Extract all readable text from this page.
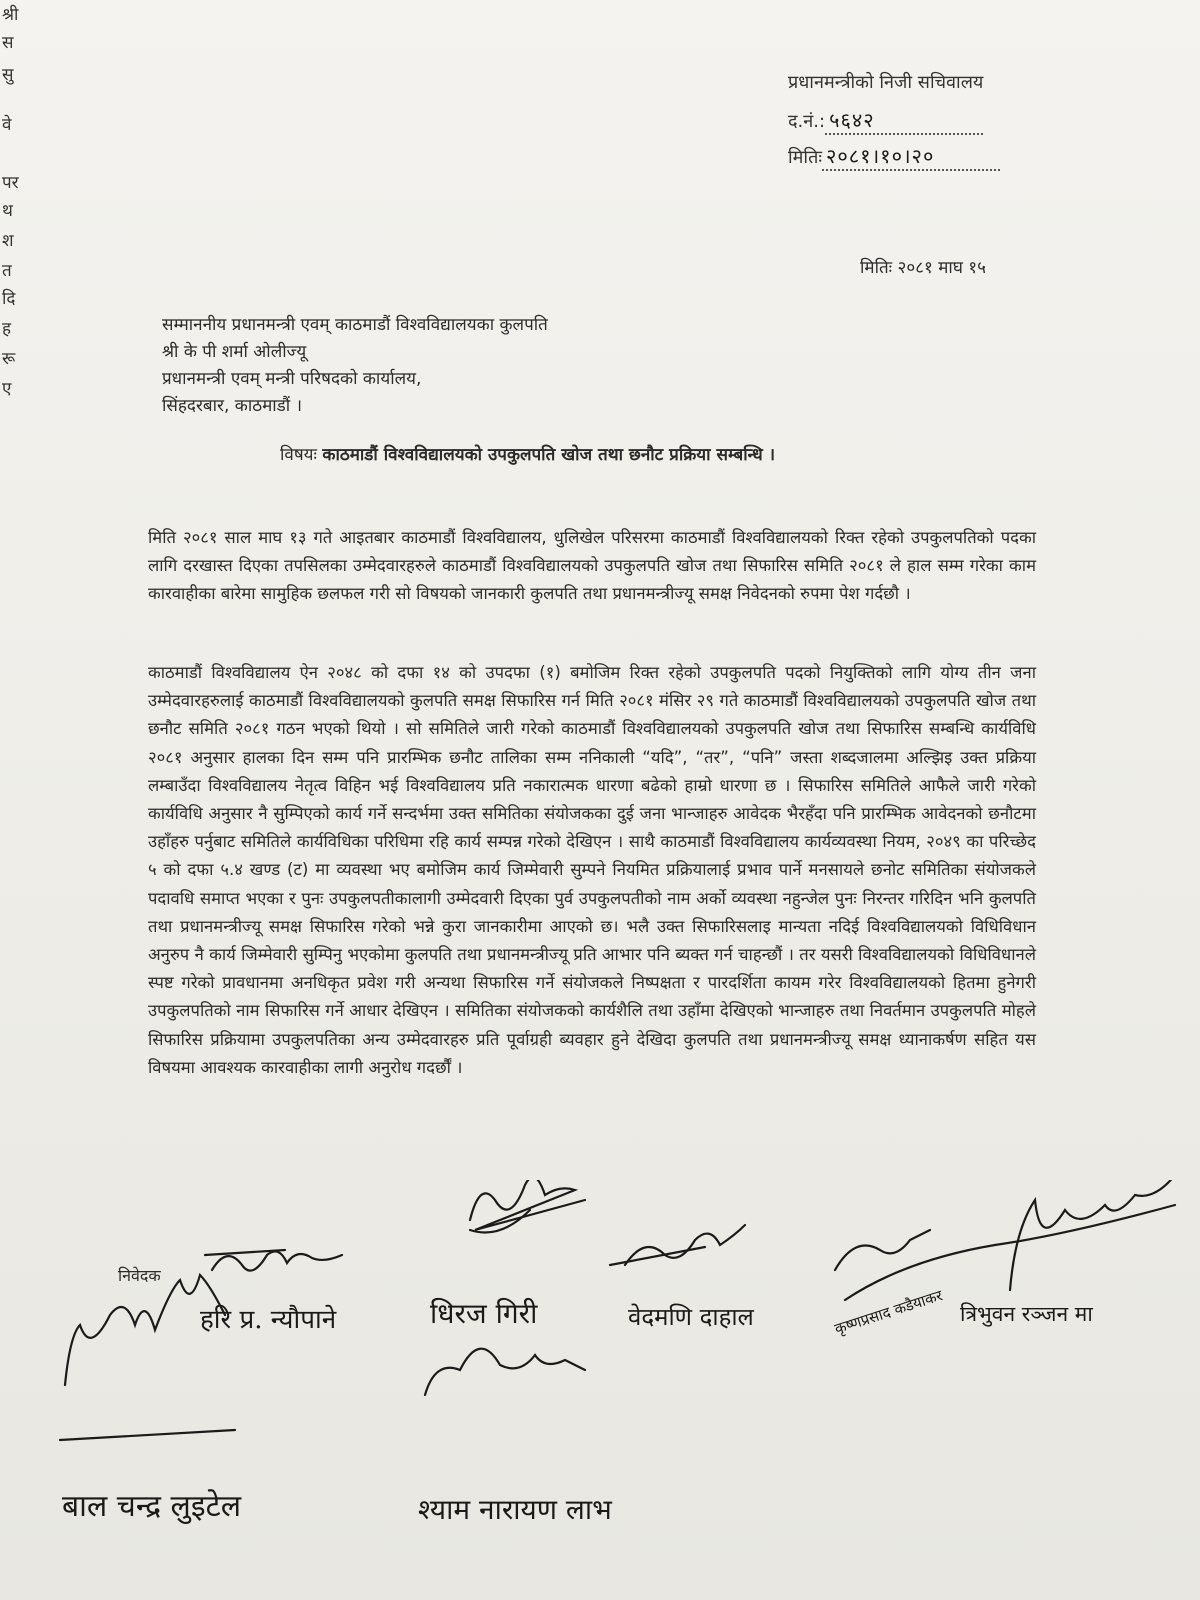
श्री
स
सु
वे
पर
थ
श
त
दि
ह
रू
ए
प्रधानमन्त्रीको निजी सचिवालय
द.नं.: ५६४२
मितिः २०८१।१०।२०
मितिः २०८१ माघ १५
सम्माननीय प्रधानमन्त्री एवम् काठमाडौं विश्वविद्यालयका कुलपति
श्री के पी शर्मा ओलीज्यू
प्रधानमन्त्री एवम् मन्त्री परिषदको कार्यालय,
सिंहदरबार, काठमाडौं ।
विषयः काठमाडौं विश्वविद्यालयको उपकुलपति खोज तथा छनौट प्रक्रिया सम्बन्धि ।
मिति २०८१ साल माघ १३ गते आइतबार काठमाडौं विश्वविद्यालय, धुलिखेल परिसरमा काठमाडौं विश्वविद्यालयको रिक्त रहेको उपकुलपतिको पदका लागि दरखास्त दिएका तपसिलका उम्मेदवारहरुले काठमाडौं विश्वविद्यालयको उपकुलपति खोज तथा सिफारिस समिति २०८१ ले हाल सम्म गरेका काम कारवाहीका बारेमा सामुहिक छलफल गरी सो विषयको जानकारी कुलपति तथा प्रधानमन्त्रीज्यू समक्ष निवेदनको रुपमा पेश गर्दछौ ।
काठमाडौं विश्वविद्यालय ऐन २०४८ को दफा १४ को उपदफा (१) बमोजिम रिक्त रहेको उपकुलपति पदको नियुक्तिको लागि योग्य तीन जना उम्मेदवारहरुलाई काठमाडौं विश्वविद्यालयको कुलपति समक्ष सिफारिस गर्न मिति २०८१ मंसिर २९ गते काठमाडौं विश्वविद्यालयको उपकुलपति खोज तथा छनौट समिति २०८१ गठन भएको थियो । सो समितिले जारी गरेको काठमाडौं विश्वविद्यालयको उपकुलपति खोज तथा सिफारिस सम्बन्धि कार्यविधि २०८१ अनुसार हालका दिन सम्म पनि प्रारम्भिक छनौट तालिका सम्म ननिकाली “यदि”, “तर”, “पनि” जस्ता शब्दजालमा अल्झिइ उक्त प्रक्रिया लम्बाउँदा विश्वविद्यालय नेतृत्व विहिन भई विश्वविद्यालय प्रति नकारात्मक धारणा बढेको हाम्रो धारणा छ । सिफारिस समितिले आफैले जारी गरेको कार्यविधि अनुसार नै सुम्पिएको कार्य गर्ने सन्दर्भमा उक्त समितिका संयोजकका दुई जना भान्जाहरु आवेदक भैरहँदा पनि प्रारम्भिक आवेदनको छनौटमा उहाँहरु पर्नुबाट समितिले कार्यविधिका परिधिमा रहि कार्य सम्पन्न गरेको देखिएन । साथै काठमाडौं विश्वविद्यालय कार्यव्यवस्था नियम, २०४९ का परिच्छेद ५ को दफा ५.४ खण्ड (ट) मा व्यवस्था भए बमोजिम कार्य जिम्मेवारी सुम्पने नियमित प्रक्रियालाई प्रभाव पार्ने मनसायले छनोट समितिका संयोजकले पदावधि समाप्त भएका र पुनः उपकुलपतीकालागी उम्मेदवारी दिएका पुर्व उपकुलपतीको नाम अर्को व्यवस्था नहुन्जेल पुनः निरन्तर गरिदिन भनि कुलपति तथा प्रधानमन्त्रीज्यू समक्ष सिफारिस गरेको भन्ने कुरा जानकारीमा आएको छ। भलै उक्त सिफारिसलाइ मान्यता नदिई विश्वविद्यालयको विधिविधान अनुरुप नै कार्य जिम्मेवारी सुम्पिनु भएकोमा कुलपति तथा प्रधानमन्त्रीज्यू प्रति आभार पनि ब्यक्त गर्न चाहन्छौं । तर यसरी विश्वविद्यालयको विधिविधानले स्पष्ट गरेको प्रावधानमा अनधिकृत प्रवेश गरी अन्यथा सिफारिस गर्ने संयोजकले निष्पक्षता र पारदर्शिता कायम गरेर विश्वविद्यालयको हितमा हुनेगरी उपकुलपतिको नाम सिफारिस गर्ने आधार देखिएन । समितिका संयोजकको कार्यशैलि तथा उहाँमा देखिएको भान्जाहरु तथा निवर्तमान उपकुलपति मोहले सिफारिस प्रक्रियामा उपकुलपतिका अन्य उम्मेदवारहरु प्रति पूर्वाग्रही ब्यवहार हुने देखिदा कुलपति तथा प्रधानमन्त्रीज्यू समक्ष ध्यानाकर्षण सहित यस विषयमा आवश्यक कारवाहीका लागी अनुरोध गदर्छौं ।
निवेदक
हरि प्र. न्यौपाने	धिरज गिरी	वेदमणि दाहाल	कृष्णप्रसाद कडैयाकर त्रिभुवन रञ्जन मा
बाल चन्द्र लुइटेल	श्याम नारायण लाभ
